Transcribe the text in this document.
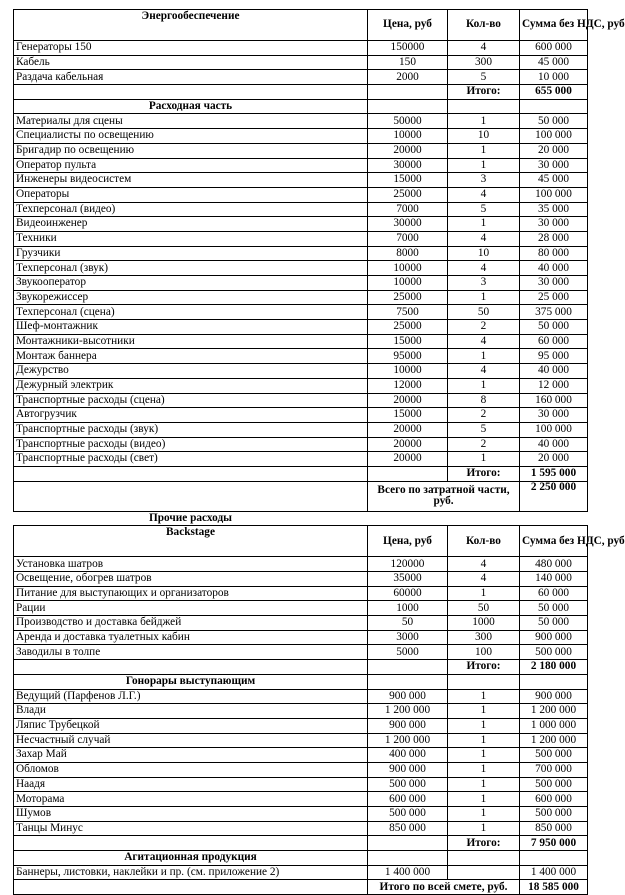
Энергообеспечение	Цена, руб	Кол-во	Сумма без НДС, руб
Генераторы 150	150000	4	600 000
Кабель	150	300	45 000
Раздача кабельная	2000	5	10 000
		Итого:	655 000
Расходная часть			
Материалы для сцены	50000	1	50 000
Специалисты по освещению	10000	10	100 000
Бригадир по освещению	20000	1	20 000
Оператор пульта	30000	1	30 000
Инженеры видеосистем	15000	3	45 000
Операторы	25000	4	100 000
Техперсонал (видео)	7000	5	35 000
Видеоинженер	30000	1	30 000
Техники	7000	4	28 000
Грузчики	8000	10	80 000
Техперсонал (звук)	10000	4	40 000
Звукооператор	10000	3	30 000
Звукорежиссер	25000	1	25 000
Техперсонал (сцена)	7500	50	375 000
Шеф-монтажник	25000	2	50 000
Монтажники-высотники	15000	4	60 000
Монтаж баннера	95000	1	95 000
Дежурство	10000	4	40 000
Дежурный электрик	12000	1	12 000
Транспортные расходы (сцена)	20000	8	160 000
Автогрузчик	15000	2	30 000
Транспортные расходы (звук)	20000	5	100 000
Транспортные расходы (видео)	20000	2	40 000
Транспортные расходы (свет)	20000	1	20 000
		Итого:	1 595 000
	Всего по затратной части, руб.		2 250 000
Прочие расходы			
Backstage	Цена, руб	Кол-во	Сумма без НДС, руб
Установка шатров	120000	4	480 000
Освещение, обогрев шатров	35000	4	140 000
Питание для выступающих и организаторов	60000	1	60 000
Рации	1000	50	50 000
Производство и доставка бейджей	50	1000	50 000
Аренда и доставка туалетных кабин	3000	300	900 000
Заводилы в толпе	5000	100	500 000
		Итого:	2 180 000
Гонорары выступающим			
Ведущий (Парфенов Л.Г.)	900 000	1	900 000
Влади	1 200 000	1	1 200 000
Ляпис Трубецкой	900 000	1	1 000 000
Несчастный случай	1 200 000	1	1 200 000
Захар Май	400 000	1	500 000
Обломов	900 000	1	700 000
Наадя	500 000	1	500 000
Моторама	600 000	1	600 000
Шумов	500 000	1	500 000
Танцы Минус	850 000	1	850 000
		Итого:	7 950 000
Агитационная продукция			
Баннеры, листовки, наклейки и пр. (см. приложение 2)	1 400 000		1 400 000
	Итого по всей смете, руб.		18 585 000
